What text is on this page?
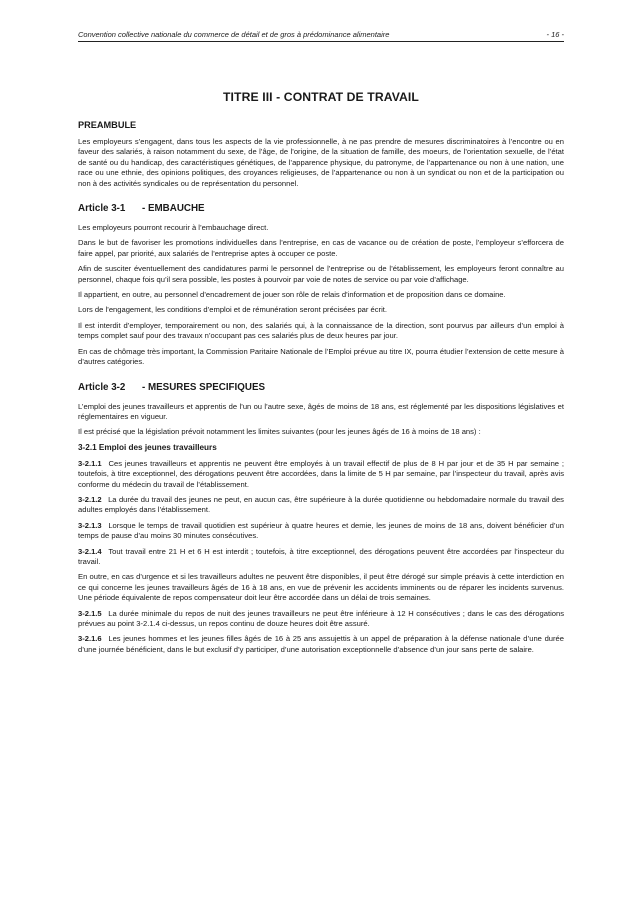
Convention collective nationale du commerce de détail et de gros à prédominance alimentaire	- 16 -
TITRE III - CONTRAT DE TRAVAIL
PREAMBULE

Les employeurs s’engagent, dans tous les aspects de la vie professionnelle, à ne pas prendre de mesures discriminatoires à l’encontre ou en faveur des salariés, à raison notamment du sexe, de l’âge, de l’origine, de la situation de famille, des moeurs, de l’orientation sexuelle, de l’état de santé ou du handicap, des caractéristiques génétiques, de l’apparence physique, du patronyme, de l’appartenance ou non à une nation, une race ou une ethnie, des opinions politiques, des croyances religieuses, de l’appartenance ou non à un syndicat ou non et de la participation ou non à des activités syndicales ou de représentation du personnel.

Article 3-1 - EMBAUCHE

Les employeurs pourront recourir à l’embauchage direct.

Dans le but de favoriser les promotions individuelles dans l’entreprise, en cas de vacance ou de création de poste, l’employeur s’efforcera de faire appel, par priorité, aux salariés de l’entreprise aptes à occuper ce poste.

Afin de susciter éventuellement des candidatures parmi le personnel de l’entreprise ou de l’établissement, les employeurs feront connaître au personnel, chaque fois qu’il sera possible, les postes à pourvoir par voie de notes de service ou par voie d’affichage.

Il appartient, en outre, au personnel d’encadrement de jouer son rôle de relais d’information et de proposition dans ce domaine.

Lors de l’engagement, les conditions d’emploi et de rémunération seront précisées par écrit.

Il est interdit d’employer, temporairement ou non, des salariés qui, à la connaissance de la direction, sont pourvus par ailleurs d’un emploi à temps complet sauf pour des travaux n’occupant pas ces salariés plus de deux heures par jour.

En cas de chômage très important, la Commission Paritaire Nationale de l’Emploi prévue au titre IX, pourra étudier l’extension de cette mesure à d’autres catégories.

Article 3-2 - MESURES SPECIFIQUES

L’emploi des jeunes travailleurs et apprentis de l’un ou l’autre sexe, âgés de moins de 18 ans, est réglementé par les dispositions législatives et réglementaires en vigueur.

Il est précisé que la législation prévoit notamment les limites suivantes (pour les jeunes âgés de 16 à moins de 18 ans) :

3-2.1 Emploi des jeunes travailleurs

3-2.1.1 Ces jeunes travailleurs et apprentis ne peuvent être employés à un travail effectif de plus de 8 H par jour et de 35 H par semaine ; toutefois, à titre exceptionnel, des dérogations peuvent être accordées, dans la limite de 5 H par semaine, par l’inspecteur du travail, après avis conforme du médecin du travail de l’établissement.

3-2.1.2 La durée du travail des jeunes ne peut, en aucun cas, être supérieure à la durée quotidienne ou hebdomadaire normale du travail des adultes employés dans l’établissement.

3-2.1.3 Lorsque le temps de travail quotidien est supérieur à quatre heures et demie, les jeunes de moins de 18 ans, doivent bénéficier d’un temps de pause d’au moins 30 minutes consécutives.

3-2.1.4 Tout travail entre 21 H et 6 H est interdit ; toutefois, à titre exceptionnel, des dérogations peuvent être accordées par l’inspecteur du travail.

En outre, en cas d’urgence et si les travailleurs adultes ne peuvent être disponibles, il peut être dérogé sur simple préavis à cette interdiction en ce qui concerne les jeunes travailleurs âgés de 16 à 18 ans, en vue de prévenir les accidents imminents ou de réparer les incidents survenus. Une période équivalente de repos compensateur doit leur être accordée dans un délai de trois semaines.

3-2.1.5 La durée minimale du repos de nuit des jeunes travailleurs ne peut être inférieure à 12 H consécutives ; dans le cas des dérogations prévues au point 3-2.1.4 ci-dessus, un repos continu de douze heures doit être assuré.

3-2.1.6 Les jeunes hommes et les jeunes filles âgés de 16 à 25 ans assujettis à un appel de préparation à la défense nationale d’une durée d’une journée bénéficient, dans le but exclusif d’y participer, d’une autorisation exceptionnelle d’absence d’un jour sans perte de salaire.
